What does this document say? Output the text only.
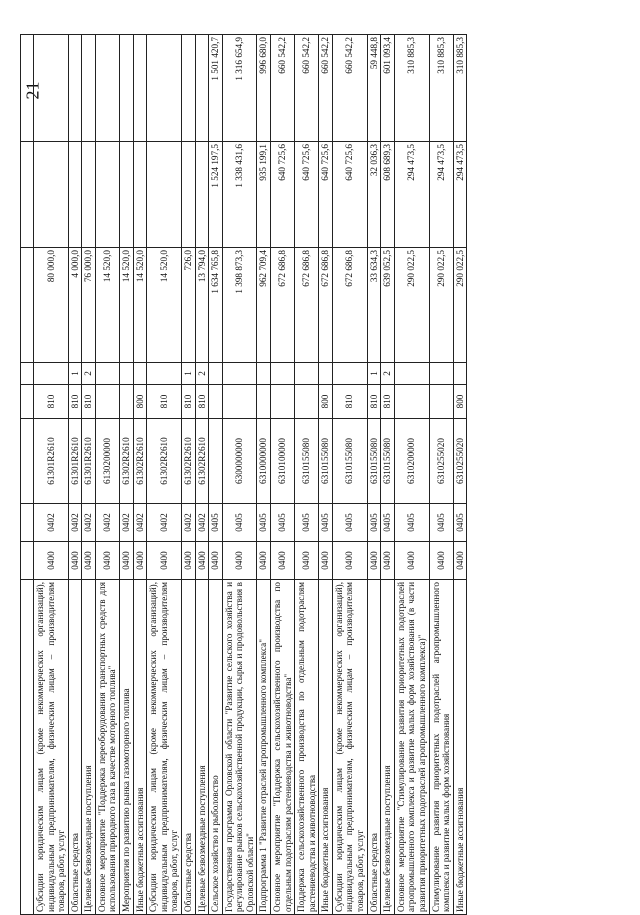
21

Субсидии юридическим лицам (кроме некоммерческих организаций), индивидуальным предпринимателям, физическим лицам – производителям товаров, работ, услуг	0400	0402	61301R2610	810		80 000,0		
Областные средства	0400	0402	61301R2610	810	1	4 000,0		
Целевые безвозмездные поступления	0400	0402	61301R2610	810	2	76 000,0		
Основное мероприятие "Поддержка переоборудования транспортных средств для использования природного газа в качестве моторного топлива"	0400	0402	6130200000			14 520,0		
Мероприятия по развитию рынка газомоторного топлива	0400	0402	61302R2610			14 520,0		
Иные бюджетные ассигнования	0400	0402	61302R2610	800		14 520,0		
Субсидии юридическим лицам (кроме некоммерческих организаций), индивидуальным предпринимателям, физическим лицам – производителям товаров, работ, услуг	0400	0402	61302R2610	810		14 520,0		
Областные средства	0400	0402	61302R2610	810	1	726,0		
Целевые безвозмездные поступления	0400	0402	61302R2610	810	2	13 794,0		
Сельское хозяйство и рыболовство	0400	0405				1 634 765,8	1 524 197,5	1 501 420,7
Государственная программа Орловской области "Развитие сельского хозяйства и регулирование рынков сельскохозяйственной продукции, сырья и продовольствия в Орловской области"	0400	0405	6300000000			1 398 873,3	1 338 431,6	1 316 654,9
Подпрограмма 1 "Развитие отраслей агропромышленного комплекса"	0400	0405	6310000000			962 709,4	935 199,1	996 680,0
Основное мероприятие "Поддержка сельскохозяйственного производства по отдельным подотраслям растениеводства и животноводства"	0400	0405	6310100000			672 686,8	640 725,6	660 542,2
Поддержка сельскохозяйственного производства по отдельным подотраслям растениеводства и животноводства	0400	0405	6310155080			672 686,8	640 725,6	660 542,2
Иные бюджетные ассигнования	0400	0405	6310155080	800		672 686,8	640 725,6	660 542,2
Субсидии юридическим лицам (кроме некоммерческих организаций), индивидуальным предпринимателям, физическим лицам – производителям товаров, работ, услуг	0400	0405	6310155080	810		672 686,8	640 725,6	660 542,2
Областные средства	0400	0405	6310155080	810	1	33 634,3	32 036,3	59 448,8
Целевые безвозмездные поступления	0400	0405	6310155080	810	2	639 052,5	608 689,3	601 093,4
Основное мероприятие "Стимулирование развития приоритетных подотраслей агропромышленного комплекса и развитие малых форм хозяйствования (в части развития приоритетных подотраслей агропромышленного комплекса)"	0400	0405	6310200000			290 022,5	294 473,5	310 885,3
Стимулирование развития приоритетных подотраслей агропромышленного комплекса и развитие малых форм хозяйствования	0400	0405	6310255020			290 022,5	294 473,5	310 885,3
Иные бюджетные ассигнования	0400	0405	6310255020	800		290 022,5	294 473,5	310 885,3
